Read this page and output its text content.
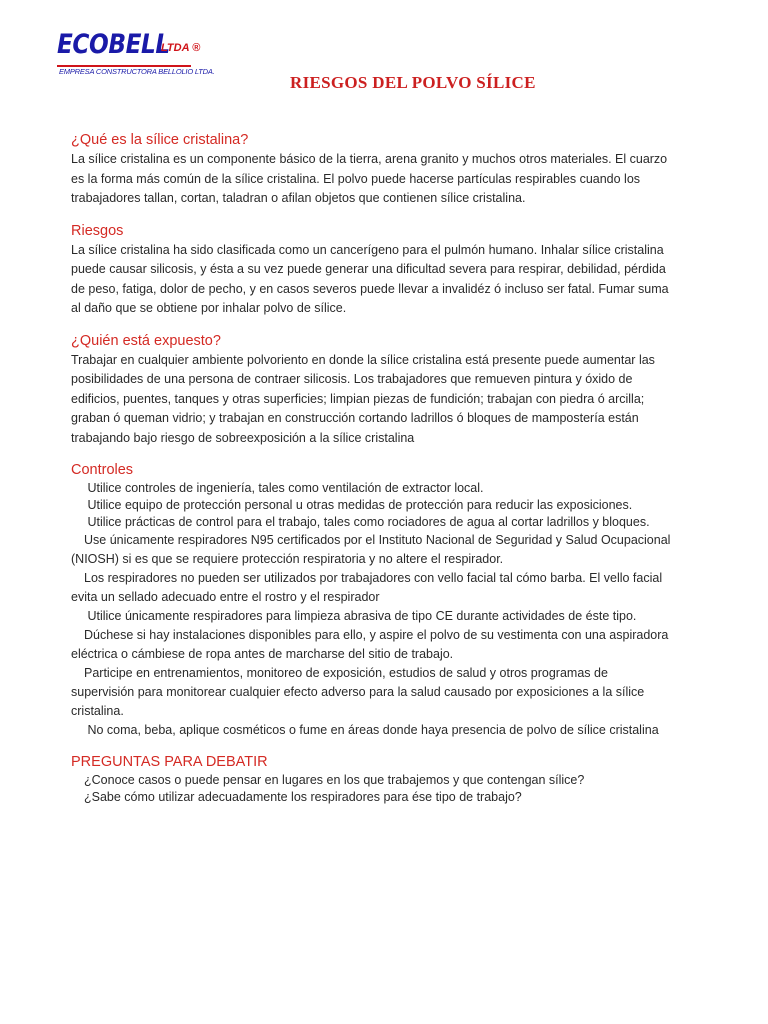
ECOBELL
LTDA ®
EMPRESA CONSTRUCTORA BELLOLIO LTDA.
RIESGOS DEL POLVO SÍLICE
¿Qué es la sílice cristalina?

La sílice cristalina es un componente básico de la tierra, arena granito y muchos otros materiales. El cuarzo es la forma más común de la sílice cristalina. El polvo puede hacerse partículas respirables cuando los trabajadores tallan, cortan, taladran o afilan objetos que contienen sílice cristalina.

Riesgos

La sílice cristalina ha sido clasificada como un cancerígeno para el pulmón humano. Inhalar sílice cristalina puede causar silicosis, y ésta a su vez puede generar una dificultad severa para respirar, debilidad, pérdida de peso, fatiga, dolor de pecho, y en casos severos puede llevar a invalidéz ó incluso ser fatal. Fumar suma al daño que se obtiene por inhalar polvo de sílice.

¿Quién está expuesto?

Trabajar en cualquier ambiente polvoriento en donde la sílice cristalina está presente puede aumentar las posibilidades de una persona de contraer silicosis. Los trabajadores que remueven pintura y óxido de edificios, puentes, tanques y otras superficies; limpian piezas de fundición; trabajan con piedra ó arcilla; graban ó queman vidrio; y trabajan en construcción cortando ladrillos ó bloques de mampostería están trabajando bajo riesgo de sobreexposición a la sílice cristalina

Controles
Utilice controles de ingeniería, tales como ventilación de extractor local.
Utilice equipo de protección personal u otras medidas de protección para reducir las exposiciones.
Utilice prácticas de control para el trabajo, tales como rociadores de agua al cortar ladrillos y bloques.
Use únicamente respiradores N95 certificados por el Instituto Nacional de Seguridad y Salud Ocupacional (NIOSH) si es que se requiere protección respiratoria y no altere el respirador.
Los respiradores no pueden ser utilizados por trabajadores con vello facial tal cómo barba. El vello facial evita un sellado adecuado entre el rostro y el respirador
Utilice únicamente respiradores para limpieza abrasiva de tipo CE durante actividades de éste tipo.
Dúchese si hay instalaciones disponibles para ello, y aspire el polvo de su vestimenta con una aspiradora eléctrica o cámbiese de ropa antes de marcharse del sitio de trabajo.
Participe en entrenamientos, monitoreo de exposición, estudios de salud y otros programas de supervisión para monitorear cualquier efecto adverso para la salud causado por exposiciones a la sílice cristalina.
No coma, beba, aplique cosméticos o fume en áreas donde haya presencia de polvo de sílice cristalina
PREGUNTAS PARA DEBATIR
¿Conoce casos o puede pensar en lugares en los que trabajemos y que contengan sílice?
¿Sabe cómo utilizar adecuadamente los respiradores para ése tipo de trabajo?
